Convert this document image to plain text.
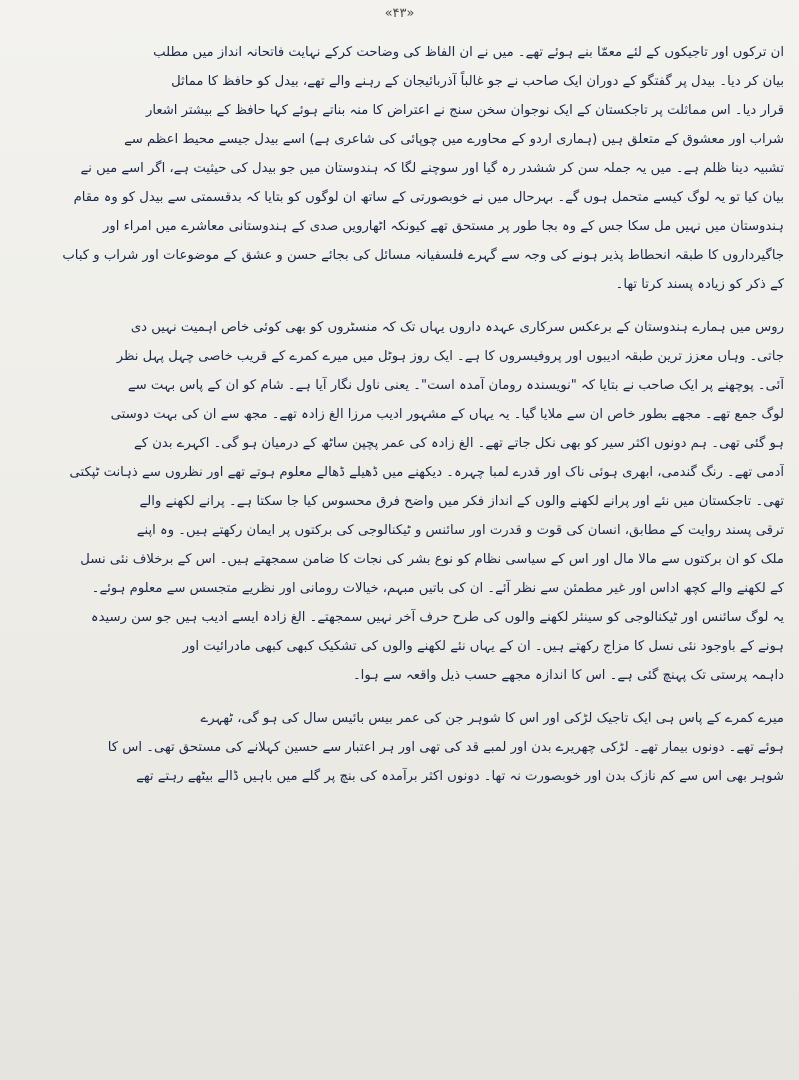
«۴۳»
ان ترکوں اور تاجیکوں کے لئے معمّا بنے ہوئے تھے۔ میں نے ان الفاظ کی وضاحت کرکے نہایت فاتحانہ انداز میں مطلب
بیان کر دیا۔ بیدل پر گفتگو کے دوران ایک صاحب نے جو غالباً آذربائیجان کے رہنے والے تھے، بیدل کو حافظ کا مماثل
قرار دیا۔ اس مماثلت پر تاجکستان کے ایک نوجوان سخن سنج نے اعتراض کا منہ بناتے ہوئے کہا حافظ کے بیشتر اشعار
شراب اور معشوق کے متعلق ہیں (ہماری اردو کے محاورے میں چوپائی کی شاعری ہے) اسے بیدل جیسے محیط اعظم سے
تشبیہ دینا ظلم ہے۔ میں یہ جملہ سن کر ششدر رہ گیا اور سوچنے لگا کہ ہندوستان میں جو بیدل کی حیثیت ہے، اگر اسے میں نے
بیان کیا تو یہ لوگ کیسے متحمل ہوں گے۔ بہرحال میں نے خوبصورتی کے ساتھ ان لوگوں کو بتایا کہ بدقسمتی سے بیدل کو وہ مقام
ہندوستان میں نہیں مل سکا جس کے وہ بجا طور پر مستحق تھے کیونکہ اٹھارویں صدی کے ہندوستانی معاشرے میں امراء اور
جاگیرداروں کا طبقہ انحطاط پذیر ہونے کی وجہ سے گہرے فلسفیانہ مسائل کی بجائے حسن و عشق کے موضوعات اور شراب و کباب
کے ذکر کو زیادہ پسند کرتا تھا۔
روس میں ہمارے ہندوستان کے برعکس سرکاری عہدہ داروں یہاں تک کہ منسٹروں کو بھی کوئی خاص اہمیت نہیں دی
جاتی۔ وہاں معزز ترین طبقہ ادیبوں اور پروفیسروں کا ہے۔ ایک روز ہوٹل میں میرے کمرے کے قریب خاصی چہل پہل نظر
آئی۔ پوچھنے پر ایک صاحب نے بتایا کہ "نویسندہ رومان آمدہ است"۔ یعنی ناول نگار آیا ہے۔ شام کو ان کے پاس بہت سے
لوگ جمع تھے۔ مجھے بطور خاص ان سے ملایا گیا۔ یہ یہاں کے مشہور ادیب مرزا الغ زادہ تھے۔ مجھ سے ان کی بہت دوستی
ہو گئی تھی۔ ہم دونوں اکثر سیر کو بھی نکل جاتے تھے۔ الغ زادہ کی عمر پچپن ساٹھ کے درمیان ہو گی۔ اکہرے بدن کے
آدمی تھے۔ رنگ گندمی، ابھری ہوئی ناک اور قدرے لمبا چہرہ۔ دیکھنے میں ڈھیلے ڈھالے معلوم ہوتے تھے اور نظروں سے ذہانت ٹپکتی
تھی۔ تاجکستان میں نئے اور پرانے لکھنے والوں کے انداز فکر میں واضح فرق محسوس کیا جا سکتا ہے۔ پرانے لکھنے والے
ترقی پسند روایت کے مطابق، انسان کی قوت و قدرت اور سائنس و ٹیکنالوجی کی برکتوں پر ایمان رکھتے ہیں۔ وہ اپنے
ملک کو ان برکتوں سے مالا مال اور اس کے سیاسی نظام کو نوع بشر کی نجات کا ضامن سمجھتے ہیں۔ اس کے برخلاف نئی نسل
کے لکھنے والے کچھ اداس اور غیر مطمئن سے نظر آئے۔ ان کی باتیں مبہم، خیالات رومانی اور نظریے متجسس سے معلوم ہوئے۔
یہ لوگ سائنس اور ٹیکنالوجی کو سینئر لکھنے والوں کی طرح حرف آخر نہیں سمجھتے۔ الغ زادہ ایسے ادیب ہیں جو سن رسیدہ
ہونے کے باوجود نئی نسل کا مزاج رکھتے ہیں۔ ان کے یہاں نئے لکھنے والوں کی تشکیک کبھی کبھی مادرائیت اور
داہمہ پرستی تک پہنچ گئی ہے۔ اس کا اندازہ مجھے حسب ذیل واقعہ سے ہوا۔
میرے کمرے کے پاس ہی ایک تاجیک لڑکی اور اس کا شوہر جن کی عمر بیس بائیس سال کی ہو گی، ٹھہرے
ہوئے تھے۔ دونوں بیمار تھے۔ لڑکی چھریرے بدن اور لمبے قد کی تھی اور ہر اعتبار سے حسین کہلانے کی مستحق تھی۔ اس کا
شوہر بھی اس سے کم نازک بدن اور خوبصورت نہ تھا۔ دونوں اکثر برآمدہ کی بنچ پر گلے میں باہیں ڈالے بیٹھے رہتے تھے
